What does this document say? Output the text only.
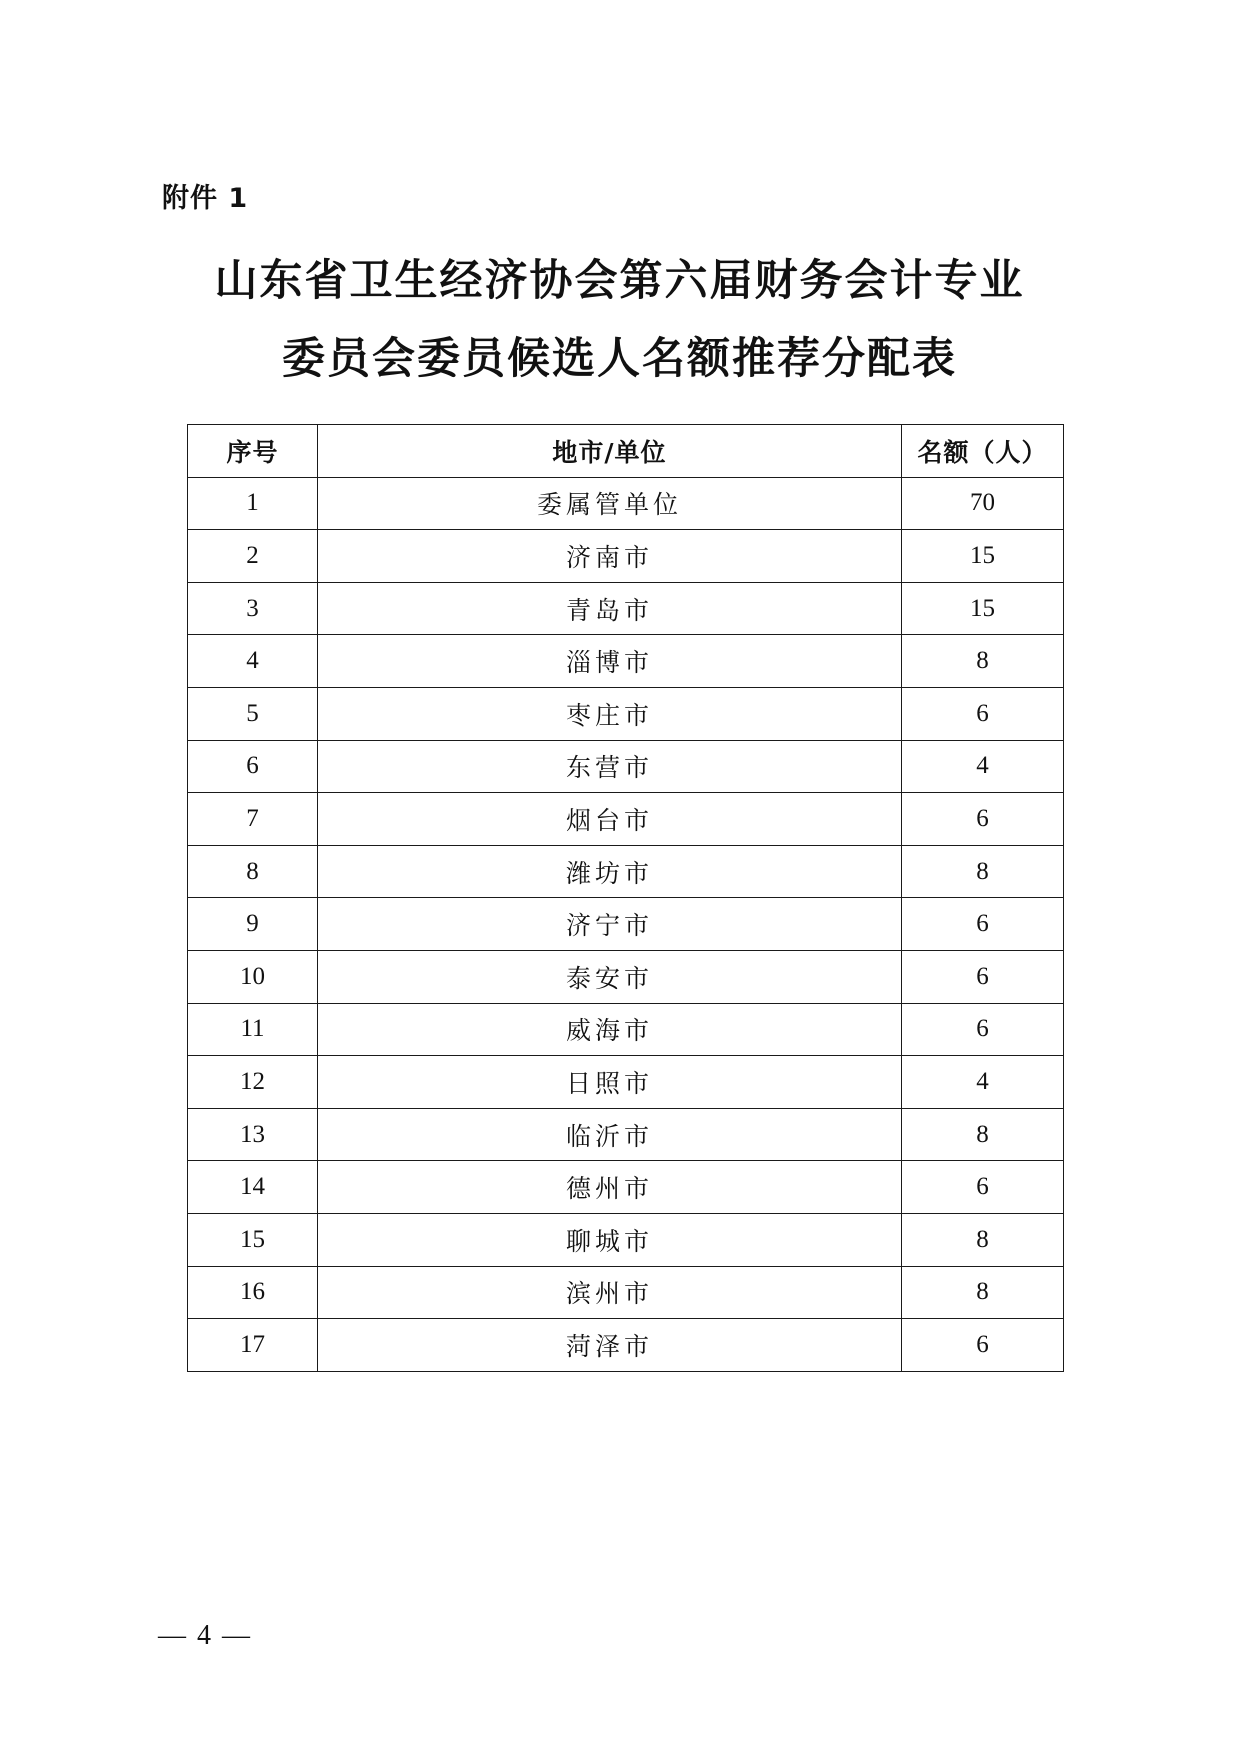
附件 1
山东省卫生经济协会第六届财务会计专业
委员会委员候选人名额推荐分配表
序号	地市/单位	名额（人）
1	委属管单位	70
2	济南市	15
3	青岛市	15
4	淄博市	8
5	枣庄市	6
6	东营市	4
7	烟台市	6
8	潍坊市	8
9	济宁市	6
10	泰安市	6
11	威海市	6
12	日照市	4
13	临沂市	8
14	德州市	6
15	聊城市	8
16	滨州市	8
17	菏泽市	6
— 4 —
